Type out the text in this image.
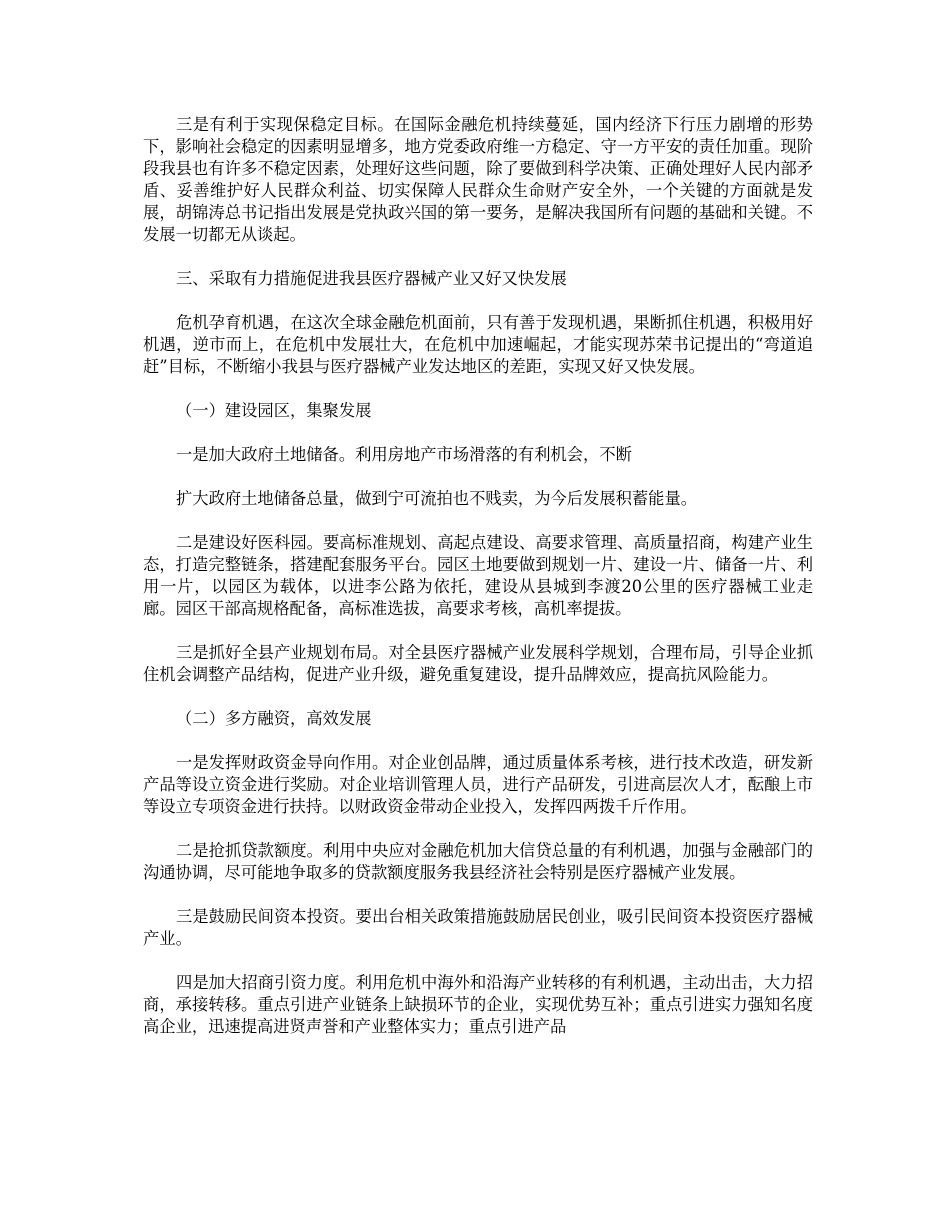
三是有利于实现保稳定目标。在国际金融危机持续蔓延，国内经济下行压力剧增的形势下，影响社会稳定的因素明显增多，地方党委政府维一方稳定、守一方平安的责任加重。现阶段我县也有许多不稳定因素，处理好这些问题，除了要做到科学决策、正确处理好人民内部矛盾、妥善维护好人民群众利益、切实保障人民群众生命财产安全外，一个关键的方面就是发展，胡锦涛总书记指出发展是党执政兴国的第一要务，是解决我国所有问题的基础和关键。不发展一切都无从谈起。

三、采取有力措施促进我县医疗器械产业又好又快发展

危机孕育机遇，在这次全球金融危机面前，只有善于发现机遇，果断抓住机遇，积极用好机遇，逆市而上，在危机中发展壮大，在危机中加速崛起，才能实现苏荣书记提出的“弯道追赶”目标，不断缩小我县与医疗器械产业发达地区的差距，实现又好又快发展。

（一）建设园区，集聚发展

一是加大政府土地储备。利用房地产市场滑落的有利机会，不断

扩大政府土地储备总量，做到宁可流拍也不贱卖，为今后发展积蓄能量。

二是建设好医科园。要高标准规划、高起点建设、高要求管理、高质量招商，构建产业生态，打造完整链条，搭建配套服务平台。园区土地要做到规划一片、建设一片、储备一片、利用一片，以园区为载体，以进李公路为依托，建设从县城到李渡20公里的医疗器械工业走廊。园区干部高规格配备，高标准选拔，高要求考核，高机率提拔。

三是抓好全县产业规划布局。对全县医疗器械产业发展科学规划，合理布局，引导企业抓住机会调整产品结构，促进产业升级，避免重复建设，提升品牌效应，提高抗风险能力。

（二）多方融资，高效发展

一是发挥财政资金导向作用。对企业创品牌，通过质量体系考核，进行技术改造，研发新产品等设立资金进行奖励。对企业培训管理人员，进行产品研发，引进高层次人才，酝酿上市等设立专项资金进行扶持。以财政资金带动企业投入，发挥四两拨千斤作用。

二是抢抓贷款额度。利用中央应对金融危机加大信贷总量的有利机遇，加强与金融部门的沟通协调，尽可能地争取多的贷款额度服务我县经济社会特别是医疗器械产业发展。

三是鼓励民间资本投资。要出台相关政策措施鼓励居民创业，吸引民间资本投资医疗器械产业。

四是加大招商引资力度。利用危机中海外和沿海产业转移的有利机遇，主动出击，大力招商，承接转移。重点引进产业链条上缺损环节的企业，实现优势互补；重点引进实力强知名度高企业，迅速提高进贤声誉和产业整体实力；重点引进产品
